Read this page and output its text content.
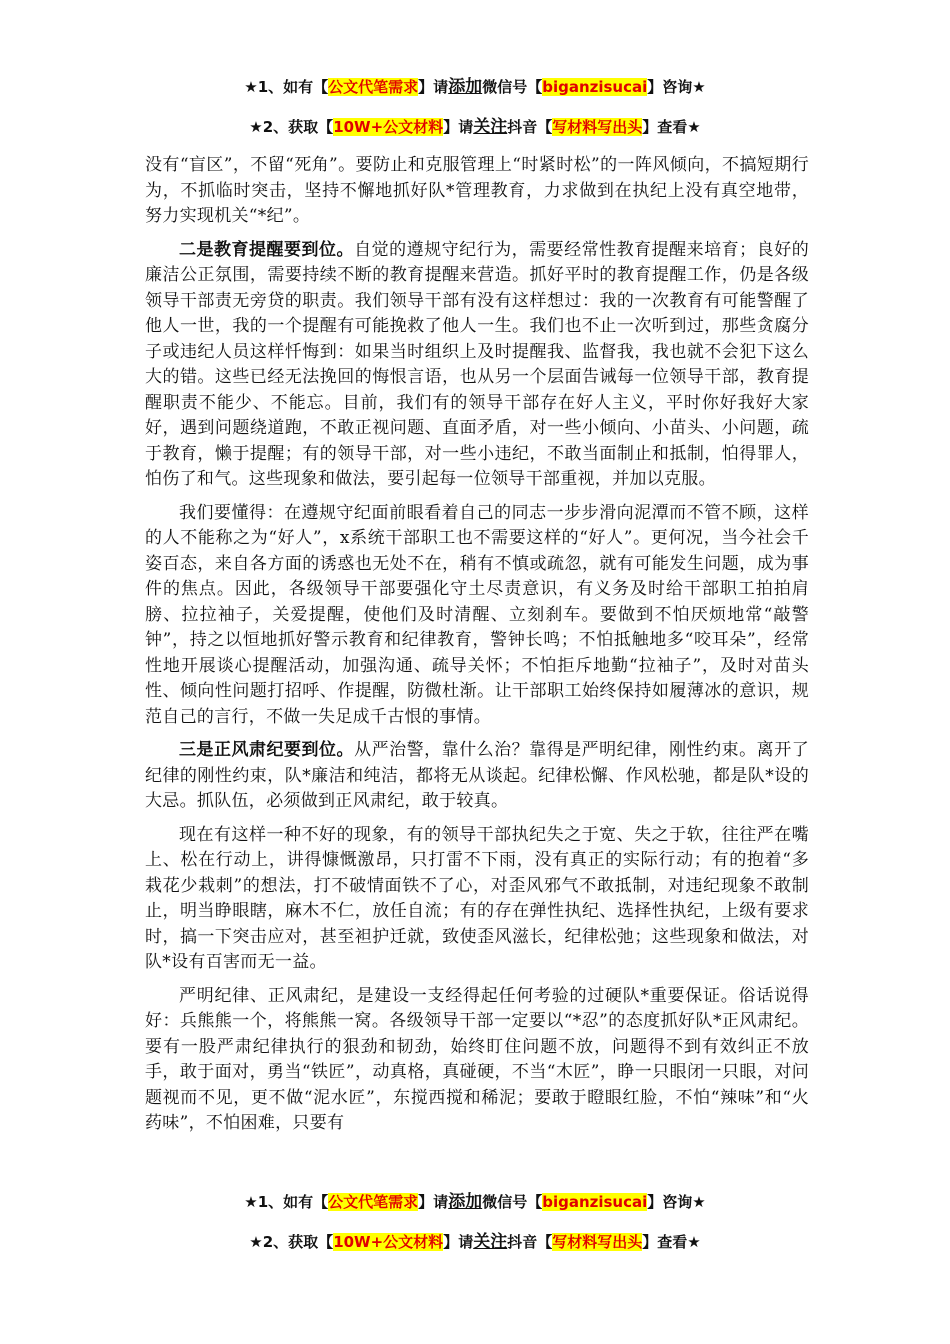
★1、如有【公文代笔需求】请添加微信号【biganzisucai】咨询★
★2、获取【10W+公文材料】请关注抖音【写材料写出头】查看★

没有“盲区”，不留“死角”。要防止和克服管理上“时紧时松”的一阵风倾向，不搞短期行为，不抓临时突击，坚持不懈地抓好队*管理教育，力求做到在执纪上没有真空地带，努力实现机关“*纪”。

二是教育提醒要到位。自觉的遵规守纪行为，需要经常性教育提醒来培育；良好的廉洁公正氛围，需要持续不断的教育提醒来营造。抓好平时的教育提醒工作，仍是各级领导干部责无旁贷的职责。我们领导干部有没有这样想过：我的一次教育有可能警醒了他人一世，我的一个提醒有可能挽救了他人一生。我们也不止一次听到过，那些贪腐分子或违纪人员这样忏悔到：如果当时组织上及时提醒我、监督我，我也就不会犯下这么大的错。这些已经无法挽回的悔恨言语，也从另一个层面告诫每一位领导干部，教育提醒职责不能少、不能忘。目前，我们有的领导干部存在好人主义，平时你好我好大家好，遇到问题绕道跑，不敢正视问题、直面矛盾，对一些小倾向、小苗头、小问题，疏于教育，懒于提醒；有的领导干部，对一些小违纪，不敢当面制止和抵制，怕得罪人，怕伤了和气。这些现象和做法，要引起每一位领导干部重视，并加以克服。

我们要懂得：在遵规守纪面前眼看着自己的同志一步步滑向泥潭而不管不顾，这样的人不能称之为“好人”，x系统干部职工也不需要这样的“好人”。更何况，当今社会千姿百态，来自各方面的诱惑也无处不在，稍有不慎或疏忽，就有可能发生问题，成为事件的焦点。因此，各级领导干部要强化守土尽责意识，有义务及时给干部职工拍拍肩膀、拉拉袖子，关爱提醒，使他们及时清醒、立刻刹车。要做到不怕厌烦地常“敲警钟”，持之以恒地抓好警示教育和纪律教育，警钟长鸣；不怕抵触地多“咬耳朵”，经常性地开展谈心提醒活动，加强沟通、疏导关怀；不怕拒斥地勤“拉袖子”，及时对苗头性、倾向性问题打招呼、作提醒，防微杜渐。让干部职工始终保持如履薄冰的意识，规范自己的言行，不做一失足成千古恨的事情。

三是正风肃纪要到位。从严治警，靠什么治？靠得是严明纪律，刚性约束。离开了纪律的刚性约束，队*廉洁和纯洁，都将无从谈起。纪律松懈、作风松驰，都是队*设的大忌。抓队伍，必须做到正风肃纪，敢于较真。

现在有这样一种不好的现象，有的领导干部执纪失之于宽、失之于软，往往严在嘴上、松在行动上，讲得慷慨激昂，只打雷不下雨，没有真正的实际行动；有的抱着“多栽花少栽刺”的想法，打不破情面铁不了心，对歪风邪气不敢抵制，对违纪现象不敢制止，明当睁眼瞎，麻木不仁，放任自流；有的存在弹性执纪、选择性执纪，上级有要求时，搞一下突击应对，甚至袒护迁就，致使歪风滋长，纪律松弛；这些现象和做法，对队*设有百害而无一益。

严明纪律、正风肃纪，是建设一支经得起任何考验的过硬队*重要保证。俗话说得好：兵熊熊一个，将熊熊一窝。各级领导干部一定要以“*忍”的态度抓好队*正风肃纪。要有一股严肃纪律执行的狠劲和韧劲，始终盯住问题不放，问题得不到有效纠正不放手，敢于面对，勇当“铁匠”，动真格，真碰硬，不当“木匠”，睁一只眼闭一只眼，对问题视而不见，更不做“泥水匠”，东搅西搅和稀泥；要敢于瞪眼红脸，不怕“辣味”和“火药味”，不怕困难，只要有

★1、如有【公文代笔需求】请添加微信号【biganzisucai】咨询★
★2、获取【10W+公文材料】请关注抖音【写材料写出头】查看★
